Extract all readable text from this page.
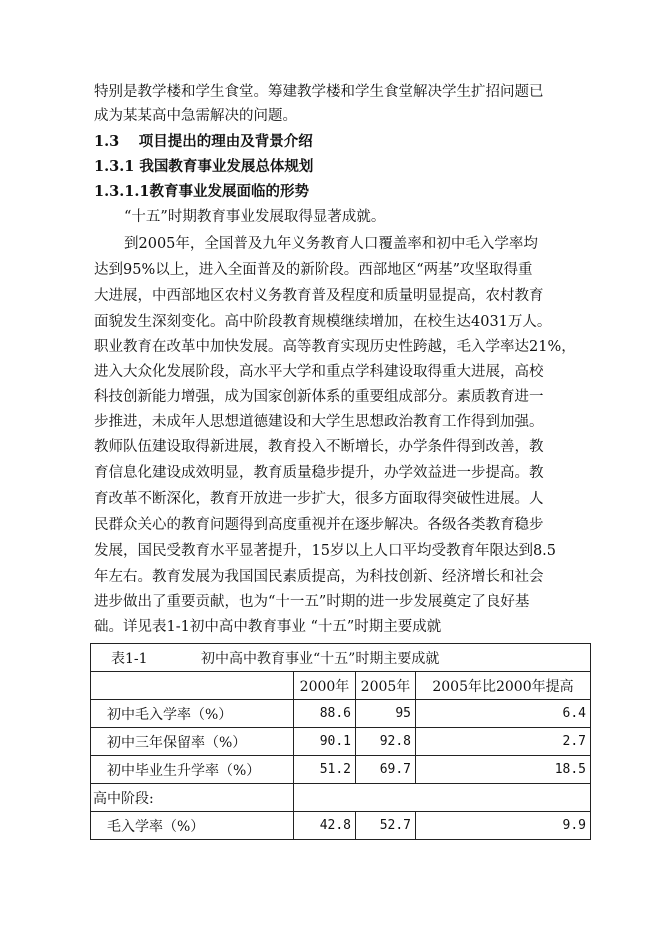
特别是教学楼和学生食堂。筹建教学楼和学生食堂解决学生扩招问题已
成为某某高中急需解决的问题。
1.3　 项目提出的理由及背景介绍
1.3.1 我国教育事业发展总体规划
1.3.1.1教育事业发展面临的形势
“十五”时期教育事业发展取得显著成就。
到2005年，全国普及九年义务教育人口覆盖率和初中毛入学率均
达到95%以上，进入全面普及的新阶段。西部地区“两基”攻坚取得重
大进展，中西部地区农村义务教育普及程度和质量明显提高，农村教育
面貌发生深刻变化。高中阶段教育规模继续增加，在校生达4031万人。
职业教育在改革中加快发展。高等教育实现历史性跨越，毛入学率达21%，
进入大众化发展阶段，高水平大学和重点学科建设取得重大进展，高校
科技创新能力增强，成为国家创新体系的重要组成部分。素质教育进一
步推进，未成年人思想道德建设和大学生思想政治教育工作得到加强。
教师队伍建设取得新进展，教育投入不断增长，办学条件得到改善，教
育信息化建设成效明显，教育质量稳步提升，办学效益进一步提高。教
育改革不断深化，教育开放进一步扩大，很多方面取得突破性进展。人
民群众关心的教育问题得到高度重视并在逐步解决。各级各类教育稳步
发展，国民受教育水平显著提升，15岁以上人口平均受教育年限达到8.5
年左右。教育发展为我国国民素质提高，为科技创新、经济增长和社会
进步做出了重要贡献，也为“十一五”时期的进一步发展奠定了良好基
础。详见表1-1初中高中教育事业 “十五”时期主要成就
表1-1 初中高中教育事业“十五”时期主要成就			
	2000年	2005年	2005年比2000年提高
初中毛入学率（%）	88.6	95	6.4
初中三年保留率（%）	90.1	92.8	2.7
初中毕业生升学率（%）	51.2	69.7	18.5
高中阶段:			
毛入学率（%）	42.8	52.7	9.9
